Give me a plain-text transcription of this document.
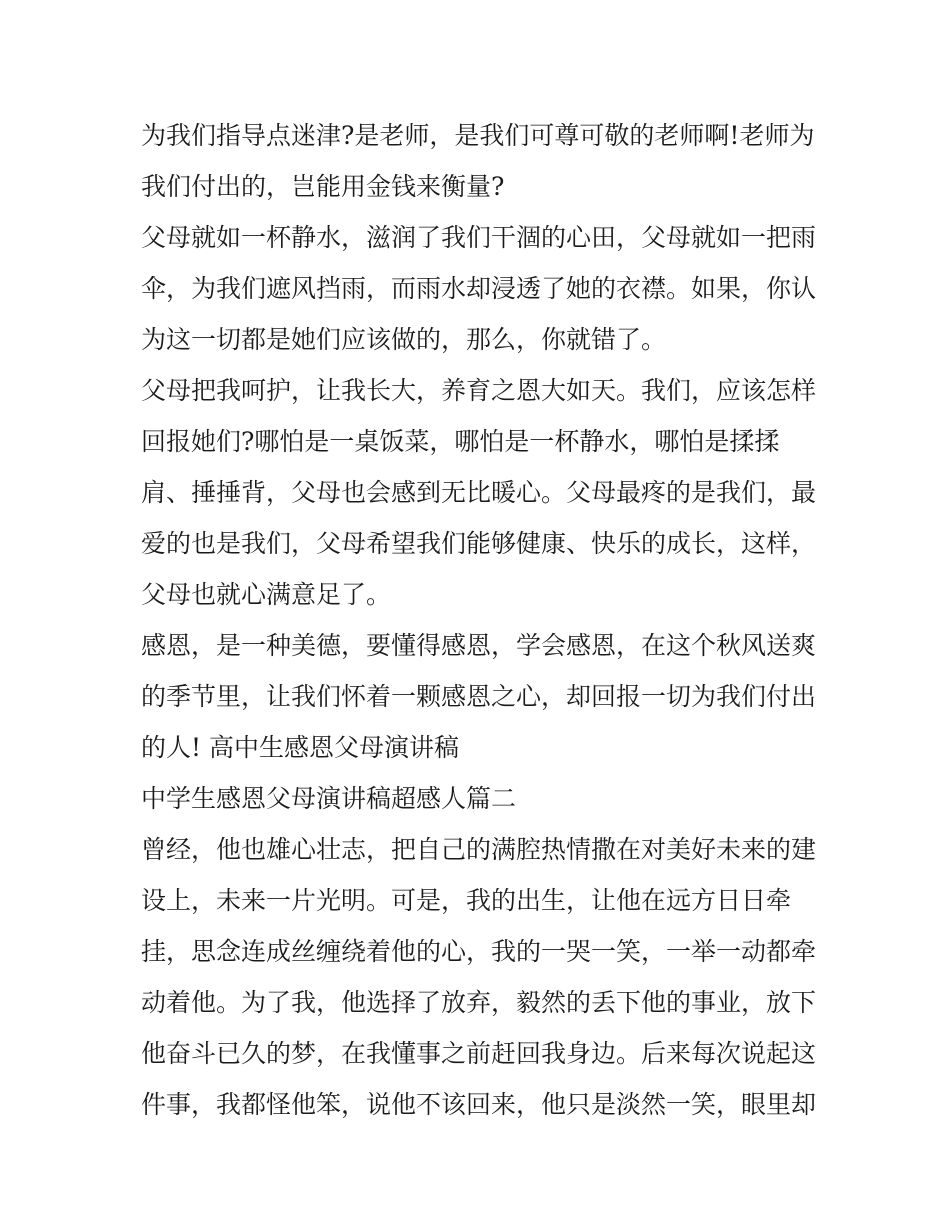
为我们指导点迷津?是老师，是我们可尊可敬的老师啊!老师为
我们付出的，岂能用金钱来衡量?
父母就如一杯静水，滋润了我们干涸的心田，父母就如一把雨
伞，为我们遮风挡雨，而雨水却浸透了她的衣襟。如果，你认
为这一切都是她们应该做的，那么，你就错了。
父母把我呵护，让我长大，养育之恩大如天。我们，应该怎样
回报她们?哪怕是一桌饭菜，哪怕是一杯静水，哪怕是揉揉
肩、捶捶背，父母也会感到无比暖心。父母最疼的是我们，最
爱的也是我们，父母希望我们能够健康、快乐的成长，这样，
父母也就心满意足了。
感恩，是一种美德，要懂得感恩，学会感恩，在这个秋风送爽
的季节里，让我们怀着一颗感恩之心，却回报一切为我们付出
的人! 高中生感恩父母演讲稿
中学生感恩父母演讲稿超感人篇二
曾经，他也雄心壮志，把自己的满腔热情撒在对美好未来的建
设上，未来一片光明。可是，我的出生，让他在远方日日牵
挂，思念连成丝缠绕着他的心，我的一哭一笑，一举一动都牵
动着他。为了我，他选择了放弃，毅然的丢下他的事业，放下
他奋斗已久的梦，在我懂事之前赶回我身边。后来每次说起这
件事，我都怪他笨，说他不该回来，他只是淡然一笑，眼里却
